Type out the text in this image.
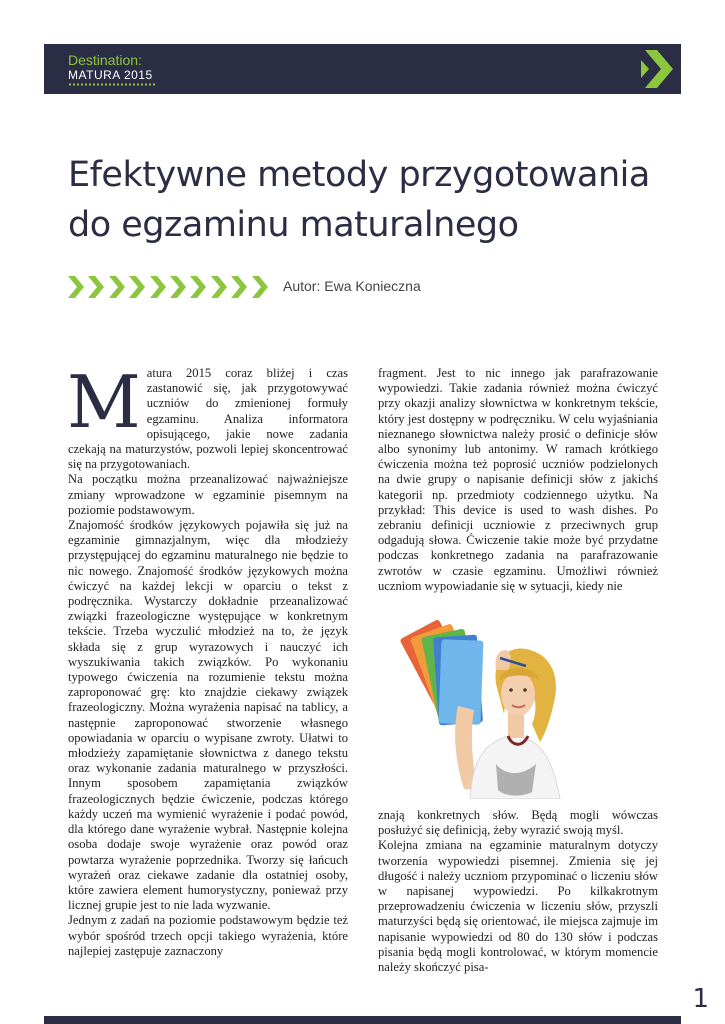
Destination:
MATURA 2015
Efektywne metody przygotowania
do egzaminu maturalnego
Autor: Ewa Konieczna

Matura 2015 coraz bliżej i czas zastanowić się, jak przygotowywać uczniów do zmienionej formuły egzaminu. Analiza informatora opisującego, jakie nowe zadania czekają na maturzystów, pozwoli lepiej skoncentrować się na przygotowaniach.

Na początku można przeanalizować najważniejsze zmiany wprowadzone w egzaminie pisemnym na poziomie podstawowym.

Znajomość środków językowych pojawiła się już na egzaminie gimnazjalnym, więc dla młodzieży przystępującej do egzaminu maturalnego nie będzie to nic nowego. Znajomość środków językowych można ćwiczyć na każdej lekcji w oparciu o tekst z podręcznika. Wystarczy dokładnie przeanalizować związki frazeologiczne występujące w konkretnym tekście. Trzeba wyczulić młodzież na to, że język składa się z grup wyrazowych i nauczyć ich wyszukiwania takich związków. Po wykonaniu typowego ćwiczenia na rozumienie tekstu można zaproponować grę: kto znajdzie ciekawy związek frazeologiczny. Można wyrażenia napisać na tablicy, a następnie zaproponować stworzenie własnego opowiadania w oparciu o wypisane zwroty. Ułatwi to młodzieży zapamiętanie słownictwa z danego tekstu oraz wykonanie zadania maturalnego w przyszłości. Innym sposobem zapamiętania związków frazeologicznych będzie ćwiczenie, podczas którego każdy uczeń ma wymienić wyrażenie i podać powód, dla którego dane wyrażenie wybrał. Następnie kolejna osoba dodaje swoje wyrażenie oraz powód oraz powtarza wyrażenie poprzednika. Tworzy się łańcuch wyrażeń oraz ciekawe zadanie dla ostatniej osoby, które zawiera element humorystyczny, ponieważ przy licznej grupie jest to nie lada wyzwanie.

Jednym z zadań na poziomie podstawowym będzie też wybór spośród trzech opcji takiego wyrażenia, które najlepiej zastępuje zaznaczony

fragment. Jest to nic innego jak parafrazowanie wypowiedzi. Takie zadania również można ćwiczyć przy okazji analizy słownictwa w konkretnym tekście, który jest dostępny w podręczniku. W celu wyjaśniania nieznanego słownictwa należy prosić o definicje słów albo synonimy lub antonimy. W ramach krótkiego ćwiczenia można też poprosić uczniów podzielonych na dwie grupy o napisanie definicji słów z jakichś kategorii np. przedmioty codziennego użytku. Na przykład: This device is used to wash dishes. Po zebraniu definicji uczniowie z przeciwnych grup odgadują słowa. Ćwiczenie takie może być przydatne podczas konkretnego zadania na parafrazowanie zwrotów w czasie egzaminu. Umożliwi również uczniom wypowiadanie się w sytuacji, kiedy nie

znają konkretnych słów. Będą mogli wówczas posłużyć się definicją, żeby wyrazić swoją myśl.

Kolejna zmiana na egzaminie maturalnym dotyczy tworzenia wypowiedzi pisemnej. Zmienia się jej długość i należy uczniom przypominać o liczeniu słów w napisanej wypowiedzi. Po kilkakrotnym przeprowadzeniu ćwiczenia w liczeniu słów, przyszli maturzyści będą się orientować, ile miejsca zajmuje im napisanie wypowiedzi od 80 do 130 słów i podczas pisania będą mogli kontrolować, w którym momencie należy skończyć pisa-

1
